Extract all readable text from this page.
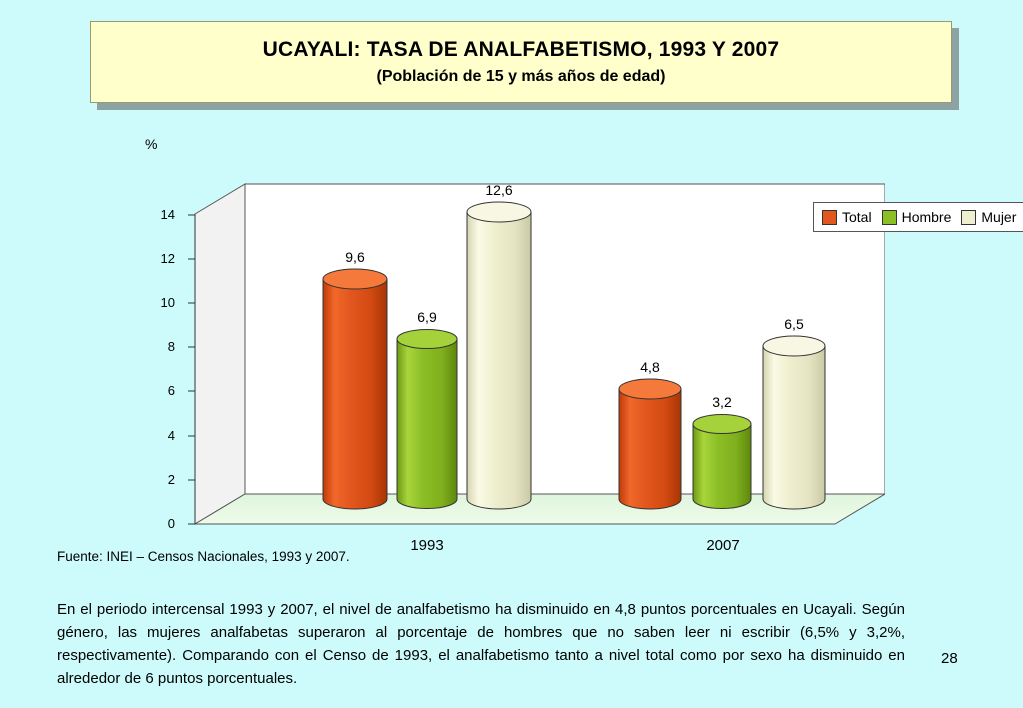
UCAYALI: TASA DE ANALFABETISMO, 1993 Y 2007
(Población de 15 y más años de edad)
%
0
2
4
6
8
10
12
14
9,6
6,9
12,6
4,8
3,2
6,5
1993	2007
Total Hombre Mujer
Fuente: INEI – Censos Nacionales, 1993 y 2007.
En el periodo intercensal 1993 y 2007, el nivel de analfabetismo ha disminuido en 4,8 puntos porcentuales en Ucayali. Según género, las mujeres analfabetas superaron al porcentaje de hombres que no saben leer ni escribir (6,5% y 3,2%, respectivamente). Comparando con el Censo de 1993, el analfabetismo tanto a nivel total como por sexo ha disminuido en alrededor de 6 puntos porcentuales.
28
